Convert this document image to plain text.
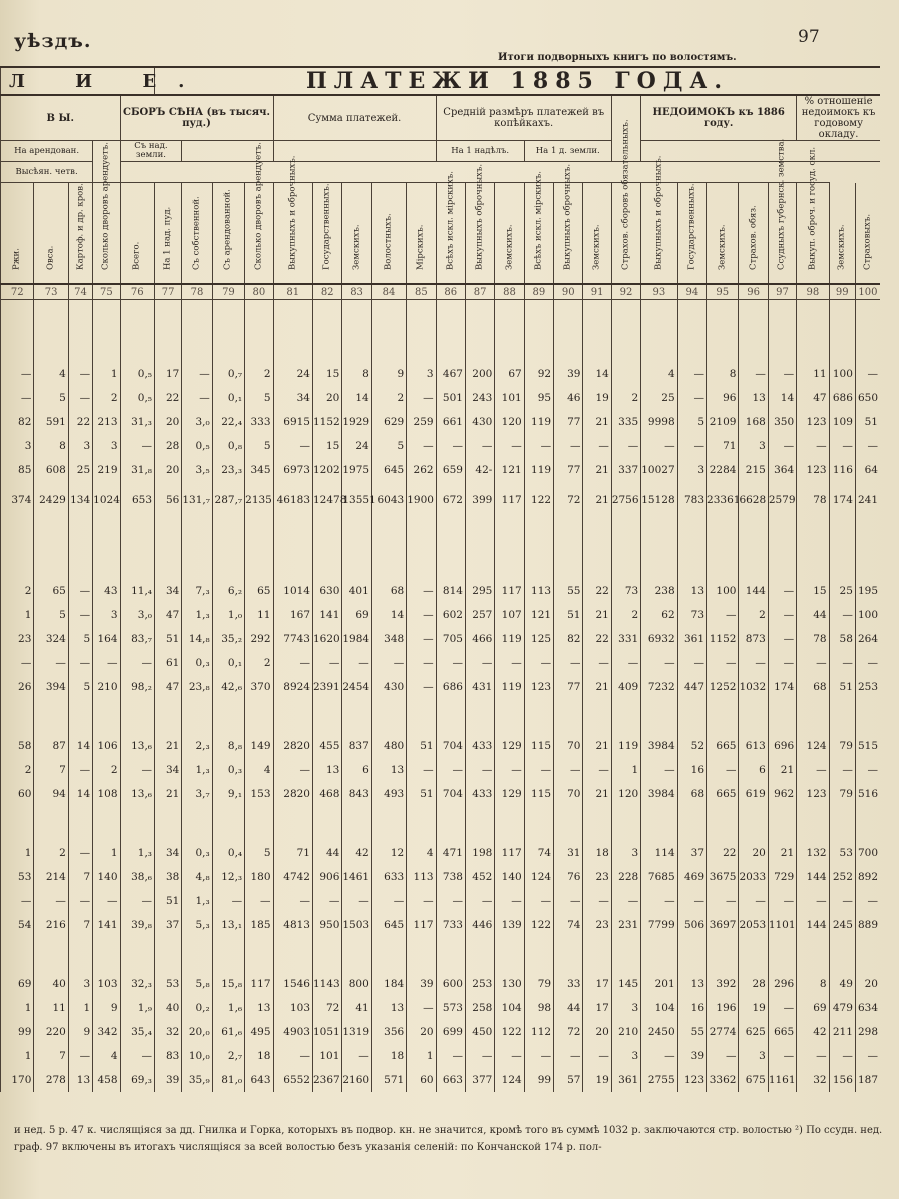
уѣздъ.
Итоги подворныхъ книгъ по волостямъ.
97
Л И Е.					ПЛАТЕЖИ 1885 ГОДА.																							
В Ы.				СБОРЪ СѢНА (въ тысяч. пуд.)					Сумма платежей.					Средній размѣръ платежей въ копѣйкахъ.							НЕДОИМОКЪ къ 1886 году.					% отношеніе недоимокъ къ годовому окладу.		
На арендован.				Съ над. земли.										На 1 надѣлъ.			На 1 д. земли.											
Высѣян. четв.																												

Ржи.	Овса.	Картоф. и др. кров.	Сколько дворовъ арендуетъ.	Всего.	На 1 над. пуд.	Съ собственной.	Съ арендованной.	Сколько дворовъ арендуетъ.	Выкупныхъ и оброчныхъ.	Государственныхъ.	Земскихъ.	Волостныхъ.	Мірскихъ.	Всѣхъ искл. мірскихъ.	Выкупныхъ оброчныхъ.	Земскихъ.	Всѣхъ искл. мірскихъ.	Выкупныхъ оброчныхъ.	Земскихъ.	Страхов. сборовъ обязательныхъ.	Выкупныхъ и оброчныхъ.	Государственныхъ.	Земскихъ.	Страхов. обяз.	Ссудныхъ губернск. земства.	Выкуп. оброч. и госуд. окл.	Земскихъ.	Страховыхъ.

72	73	74	75	76	77	78	79	80	81	82	83	84	85	86	87	88	89	90	91	92	93	94	95	96	97	98	99	100

—	4	—	1	0,₅	17	—	0,₇	2	24	15	8	9	3	467	200	67	92	39	14		4	—	8	—	—	11	100	—
—	5	—	2	0,₅	22	—	0,₁	5	34	20	14	2	—	501	243	101	95	46	19	2	25	—	96	13	14	47	686	650
82	591	22	213	31,₃	20	3,₀	22,₄	333	6915	1152	1929	629	259	661	430	120	119	77	21	335	9998	5	2109	168	350	123	109	51
3	8	3	3	—	28	0,₅	0,₈	5	—	15	24	5	—	—	—	—	—	—	—	—	—	—	71	3	—	—	—	—
85	608	25	219	31,₈	20	3,₅	23,₃	345	6973	1202	1975	645	262	659	42‐	121	119	77	21	337	10027	3	2284	215	364	123	116	64
374	2429	134	1024	653	56	131,₇	287,₇	2135	46183	12478	13551	6043	1900	672	399	117	122	72	21	2756	15128	783	23361	6628	2579	78	174	241

2	65	—	43	11,₄	34	7,₃	6,₂	65	1014	630	401	68	—	814	295	117	113	55	22	73	238	13	100	144	—	15	25	195
1	5	—	3	3,₀	47	1,₃	1,₀	11	167	141	69	14	—	602	257	107	121	51	21	2	62	73	—	2	—	44	—	100
23	324	5	164	83,₇	51	14,₈	35,₂	292	7743	1620	1984	348	—	705	466	119	125	82	22	331	6932	361	1152	873	—	78	58	264
—	—	—	—	—	61	0,₃	0,₁	2	—	—	—	—	—	—	—	—	—	—	—	—	—	—	—	—	—	—	—	—
26	394	5	210	98,₂	47	23,₈	42,₆	370	8924	2391	2454	430	—	686	431	119	123	77	21	409	7232	447	1252	1032	174	68	51	253

58	87	14	106	13,₆	21	2,₃	8,₈	149	2820	455	837	480	51	704	433	129	115	70	21	119	3984	52	665	613	696	124	79	515
2	7	—	2	—	34	1,₃	0,₃	4	—	13	6	13	—	—	—	—	—	—	—	1	—	16	—	6	21	—	—	—
60	94	14	108	13,₆	21	3,₇	9,₁	153	2820	468	843	493	51	704	433	129	115	70	21	120	3984	68	665	619	962	123	79	516

1	2	—	1	1,₃	34	0,₃	0,₄	5	71	44	42	12	4	471	198	117	74	31	18	3	114	37	22	20	21	132	53	700
53	214	7	140	38,₆	38	4,₈	12,₃	180	4742	906	1461	633	113	738	452	140	124	76	23	228	7685	469	3675	2033	729	144	252	892
—	—	—	—	—	51	1,₃	—	—	—	—	—	—	—	—	—	—	—	—	—	—	—	—	—	—	—	—	—	—
54	216	7	141	39,₈	37	5,₃	13,₁	185	4813	950	1503	645	117	733	446	139	122	74	23	231	7799	506	3697	2053	1101	144	245	889

69	40	3	103	32,₃	53	5,₈	15,₈	117	1546	1143	800	184	39	600	253	130	79	33	17	145	201	13	392	28	296	8	49	20
1	11	1	9	1,₉	40	0,₂	1,₆	13	103	72	41	13	—	573	258	104	98	44	17	3	104	16	196	19	—	69	479	634
99	220	9	342	35,₄	32	20,₀	61,₆	495	4903	1051	1319	356	20	699	450	122	112	72	20	210	2450	55	2774	625	665	42	211	298
1	7	—	4	—	83	10,₀	2,₇	18	—	101	—	18	1	—	—	—	—	—	—	3	—	39	—	3	—	—	—	—
170	278	13	458	69,₃	39	35,₉	81,₀	643	6552	2367	2160	571	60	663	377	124	99	57	19	361	2755	123	3362	675	1161	32	156	187
и нед. 5 р. 47 к. числящіяся за дд. Гнилка и Горка, которыхъ въ подвор. кн. не значится, кромѣ того въ суммѣ 1032 р. заключаются стр. волостью ²) По ссудн. нед. граф. 97 включены въ итогахъ числящіяся за всей волостью безъ указанія селеній: по Кончанской 174 р. пол-
